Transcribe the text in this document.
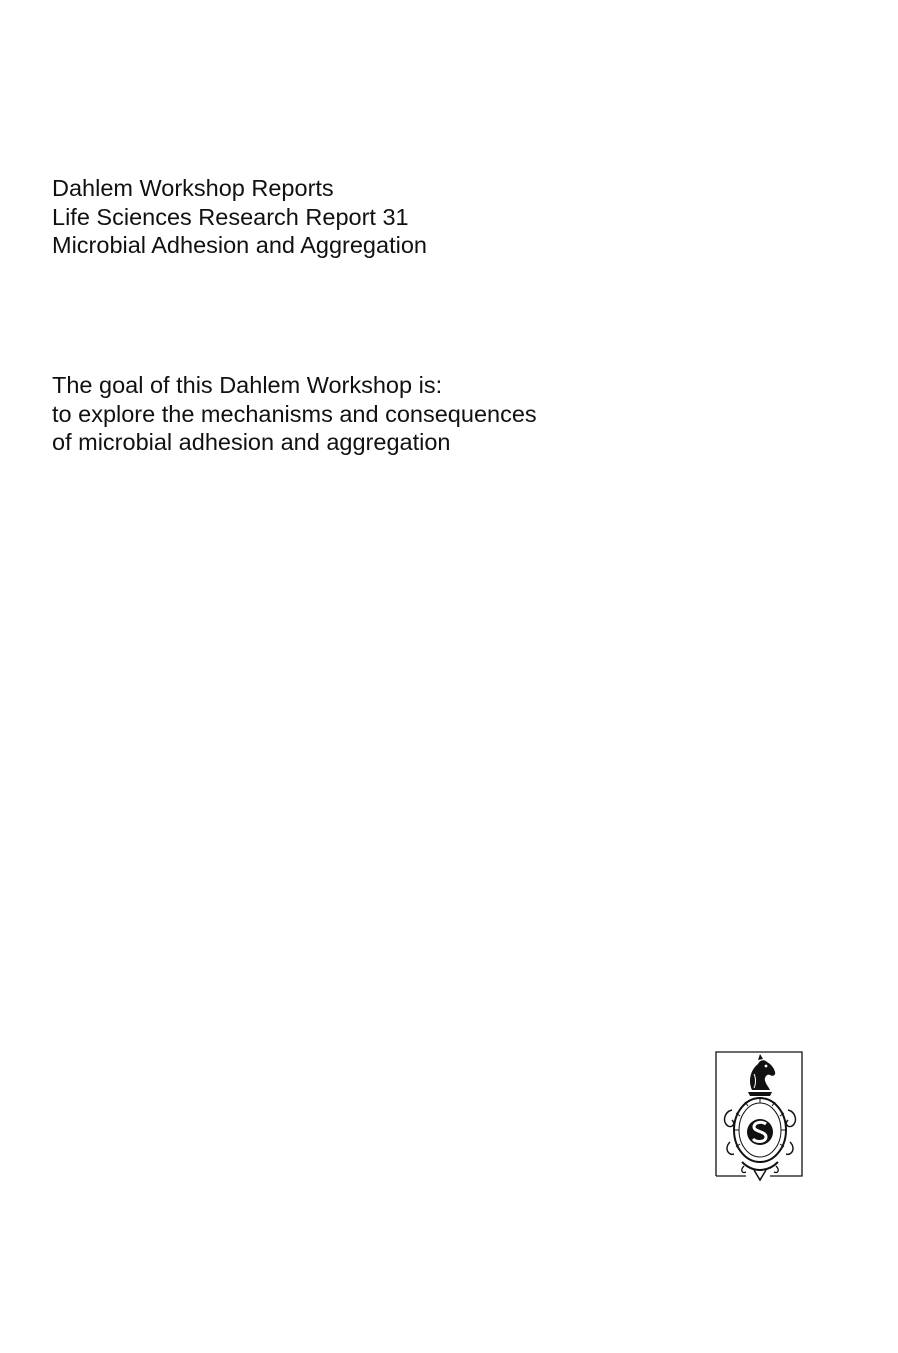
Dahlem Workshop Reports
Life Sciences Research Report 31
Microbial Adhesion and Aggregation
The goal of this Dahlem Workshop is:
to explore the mechanisms and consequences
of microbial adhesion and aggregation
